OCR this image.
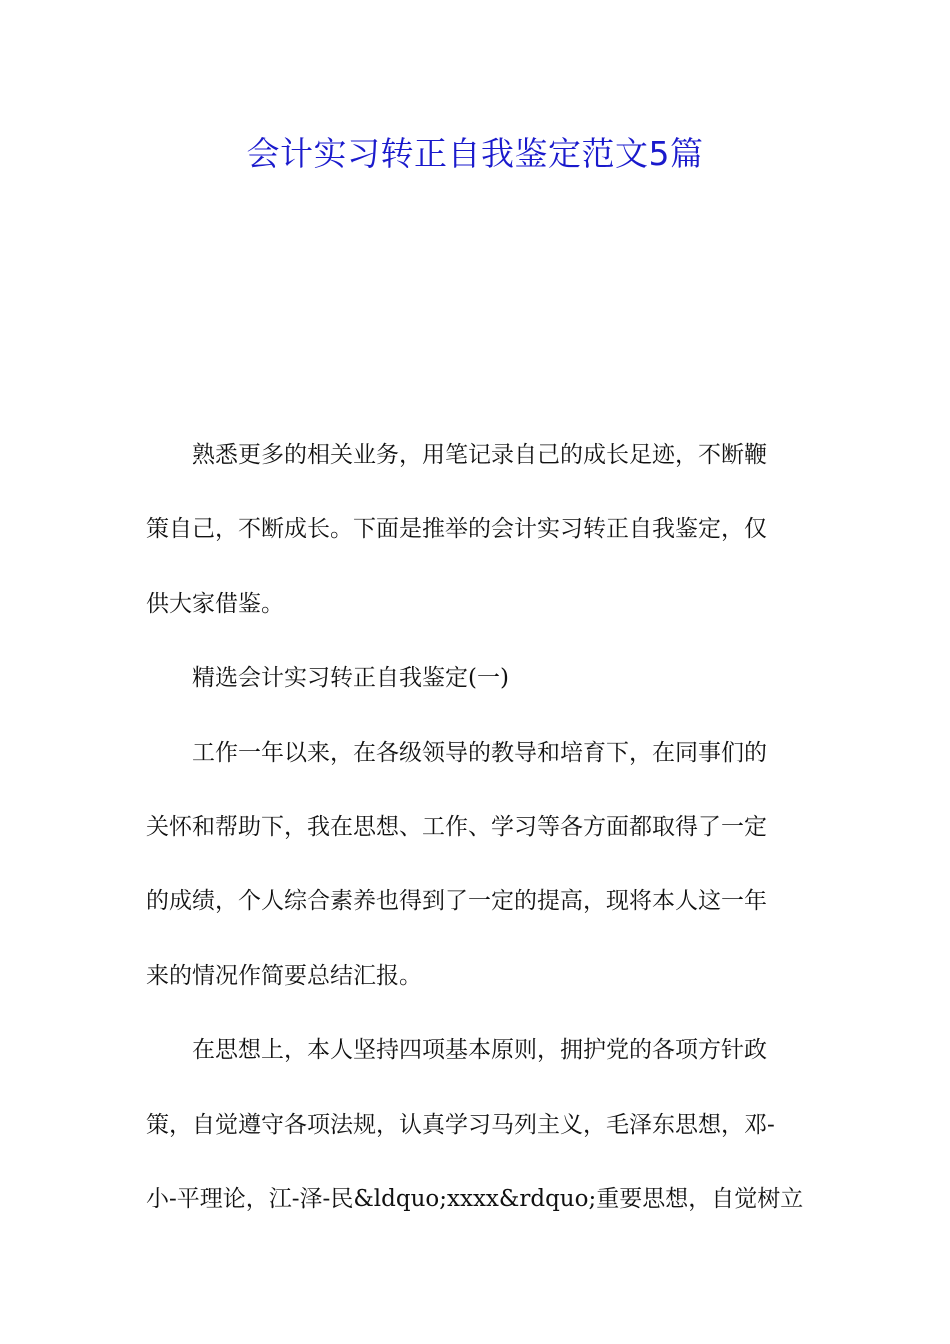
会计实习转正自我鉴定范文5篇

熟悉更多的相关业务，用笔记录自己的成长足迹，不断鞭
策自己，不断成长。下面是推举的会计实习转正自我鉴定，仅
供大家借鉴。

精选会计实习转正自我鉴定(一)

工作一年以来，在各级领导的教导和培育下，在同事们的
关怀和帮助下，我在思想、工作、学习等各方面都取得了一定
的成绩，个人综合素养也得到了一定的提高，现将本人这一年
来的情况作简要总结汇报。

在思想上，本人坚持四项基本原则，拥护党的各项方针政
策，自觉遵守各项法规，认真学习马列主义，毛泽东思想，邓-
小-平理论，江-泽-民&ldquo;xxxx&rdquo;重要思想，自觉树立
